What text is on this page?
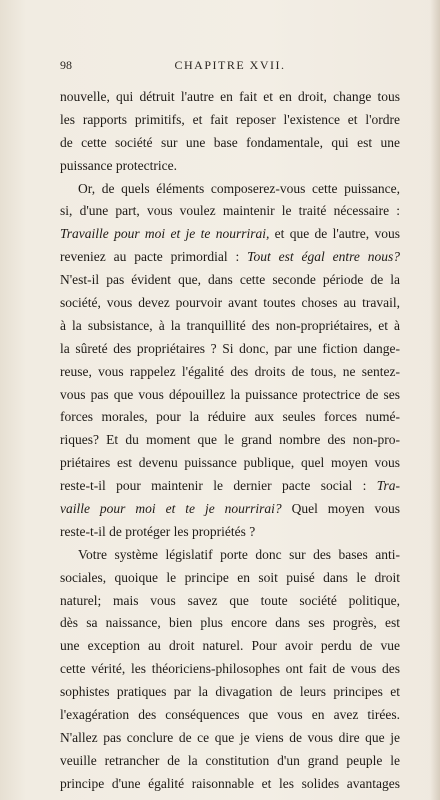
98	CHAPITRE XVII.
nouvelle, qui détruit l'autre en fait et en droit, change tous
les rapports primitifs, et fait reposer l'existence et l'ordre
de cette société sur une base fondamentale, qui est une
puissance protectrice.
Or, de quels éléments composerez-vous cette puissance,
si, d'une part, vous voulez maintenir le traité nécessaire :
Travaille pour moi et je te nourrirai, et que de l'autre, vous
reveniez au pacte primordial : Tout est égal entre nous?
N'est-il pas évident que, dans cette seconde période de la
société, vous devez pourvoir avant toutes choses au travail,
à la subsistance, à la tranquillité des non-propriétaires, et à
la sûreté des propriétaires ? Si donc, par une fiction dange-
reuse, vous rappelez l'égalité des droits de tous, ne sentez-
vous pas que vous dépouillez la puissance protectrice de ses
forces morales, pour la réduire aux seules forces numé-
riques? Et du moment que le grand nombre des non-pro-
priétaires est devenu puissance publique, quel moyen vous
reste-t-il pour maintenir le dernier pacte social : Tra-
vaille pour moi et te je nourrirai? Quel moyen vous
reste-t-il de protéger les propriétés ?
Votre système législatif porte donc sur des bases anti-
sociales, quoique le principe en soit puisé dans le droit
naturel; mais vous savez que toute société politique,
dès sa naissance, bien plus encore dans ses progrès, est
une exception au droit naturel. Pour avoir perdu de vue
cette vérité, les théoriciens-philosophes ont fait de vous des
sophistes pratiques par la divagation de leurs principes et
l'exagération des conséquences que vous en avez tirées.
N'allez pas conclure de ce que je viens de vous dire que je
veuille retrancher de la constitution d'un grand peuple le
principe d'une égalité raisonnable et les solides avantages
